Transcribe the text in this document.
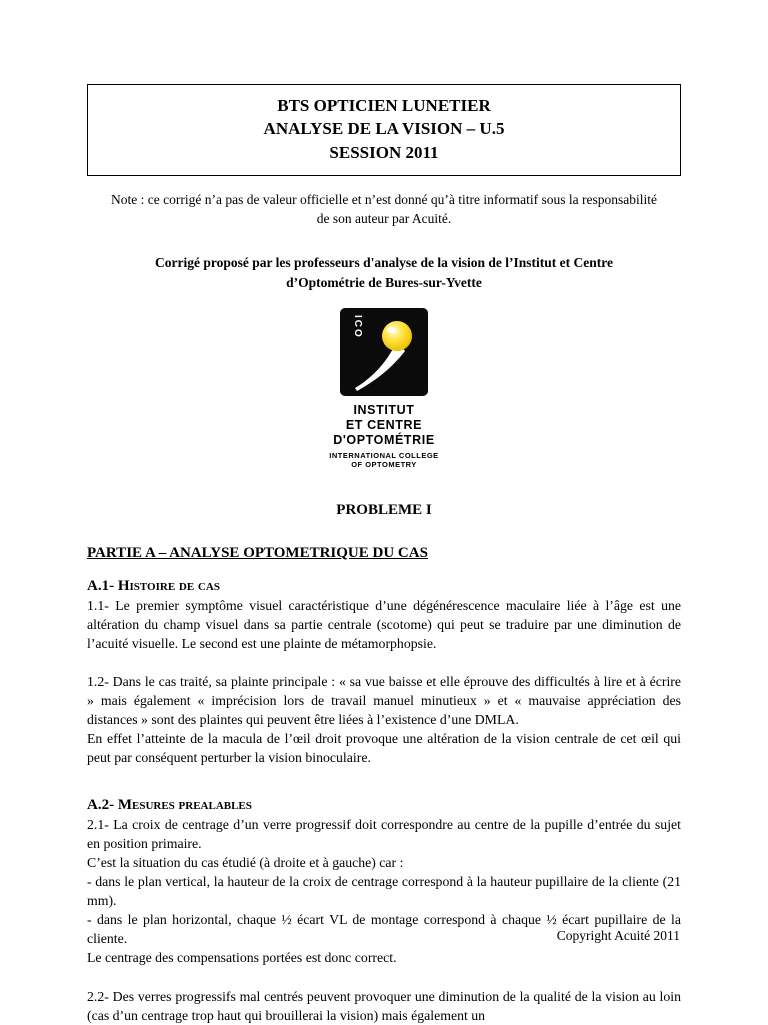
BTS OPTICIEN LUNETIER
ANALYSE DE LA VISION – U.5
SESSION 2011

Note : ce corrigé n’a pas de valeur officielle et n’est donné qu’à titre informatif sous la responsabilité de son auteur par Acuité.

Corrigé proposé par les professeurs d'analyse de la vision de l’Institut et Centre d’Optométrie de Bures-sur-Yvette

ICO
INSTITUT
ET CENTRE
D'OPTOMÉTRIE
INTERNATIONAL COLLEGE
OF OPTOMETRY
PROBLEME I
PARTIE A – ANALYSE OPTOMETRIQUE DU CAS
A.1- Histoire de cas

1.1- Le premier symptôme visuel caractéristique d’une dégénérescence maculaire liée à l’âge est une altération du champ visuel dans sa partie centrale (scotome) qui peut se traduire par une diminution de l’acuité visuelle. Le second est une plainte de métamorphopsie.

1.2- Dans le cas traité, sa plainte principale : « sa vue baisse et elle éprouve des difficultés à lire et à écrire » mais également « imprécision lors de travail manuel minutieux » et « mauvaise appréciation des distances » sont des plaintes qui peuvent être liées à l’existence d’une DMLA.

En effet l’atteinte de la macula de l’œil droit provoque une altération de la vision centrale de cet œil qui peut par conséquent perturber la vision binoculaire.

A.2- Mesures prealables

2.1- La croix de centrage d’un verre progressif doit correspondre au centre de la pupille d’entrée du sujet en position primaire.

C’est la situation du cas étudié (à droite et à gauche) car :

- dans le plan vertical, la hauteur de la croix de centrage correspond à la hauteur pupillaire de la cliente (21 mm).

- dans le plan horizontal, chaque ½ écart VL de montage correspond à chaque ½ écart pupillaire de la cliente.

Le centrage des compensations portées est donc correct.

2.2- Des verres progressifs mal centrés peuvent provoquer une diminution de la qualité de la vision au loin (cas d’un centrage trop haut qui brouillerai la vision) mais également un

Copyright Acuité 2011
